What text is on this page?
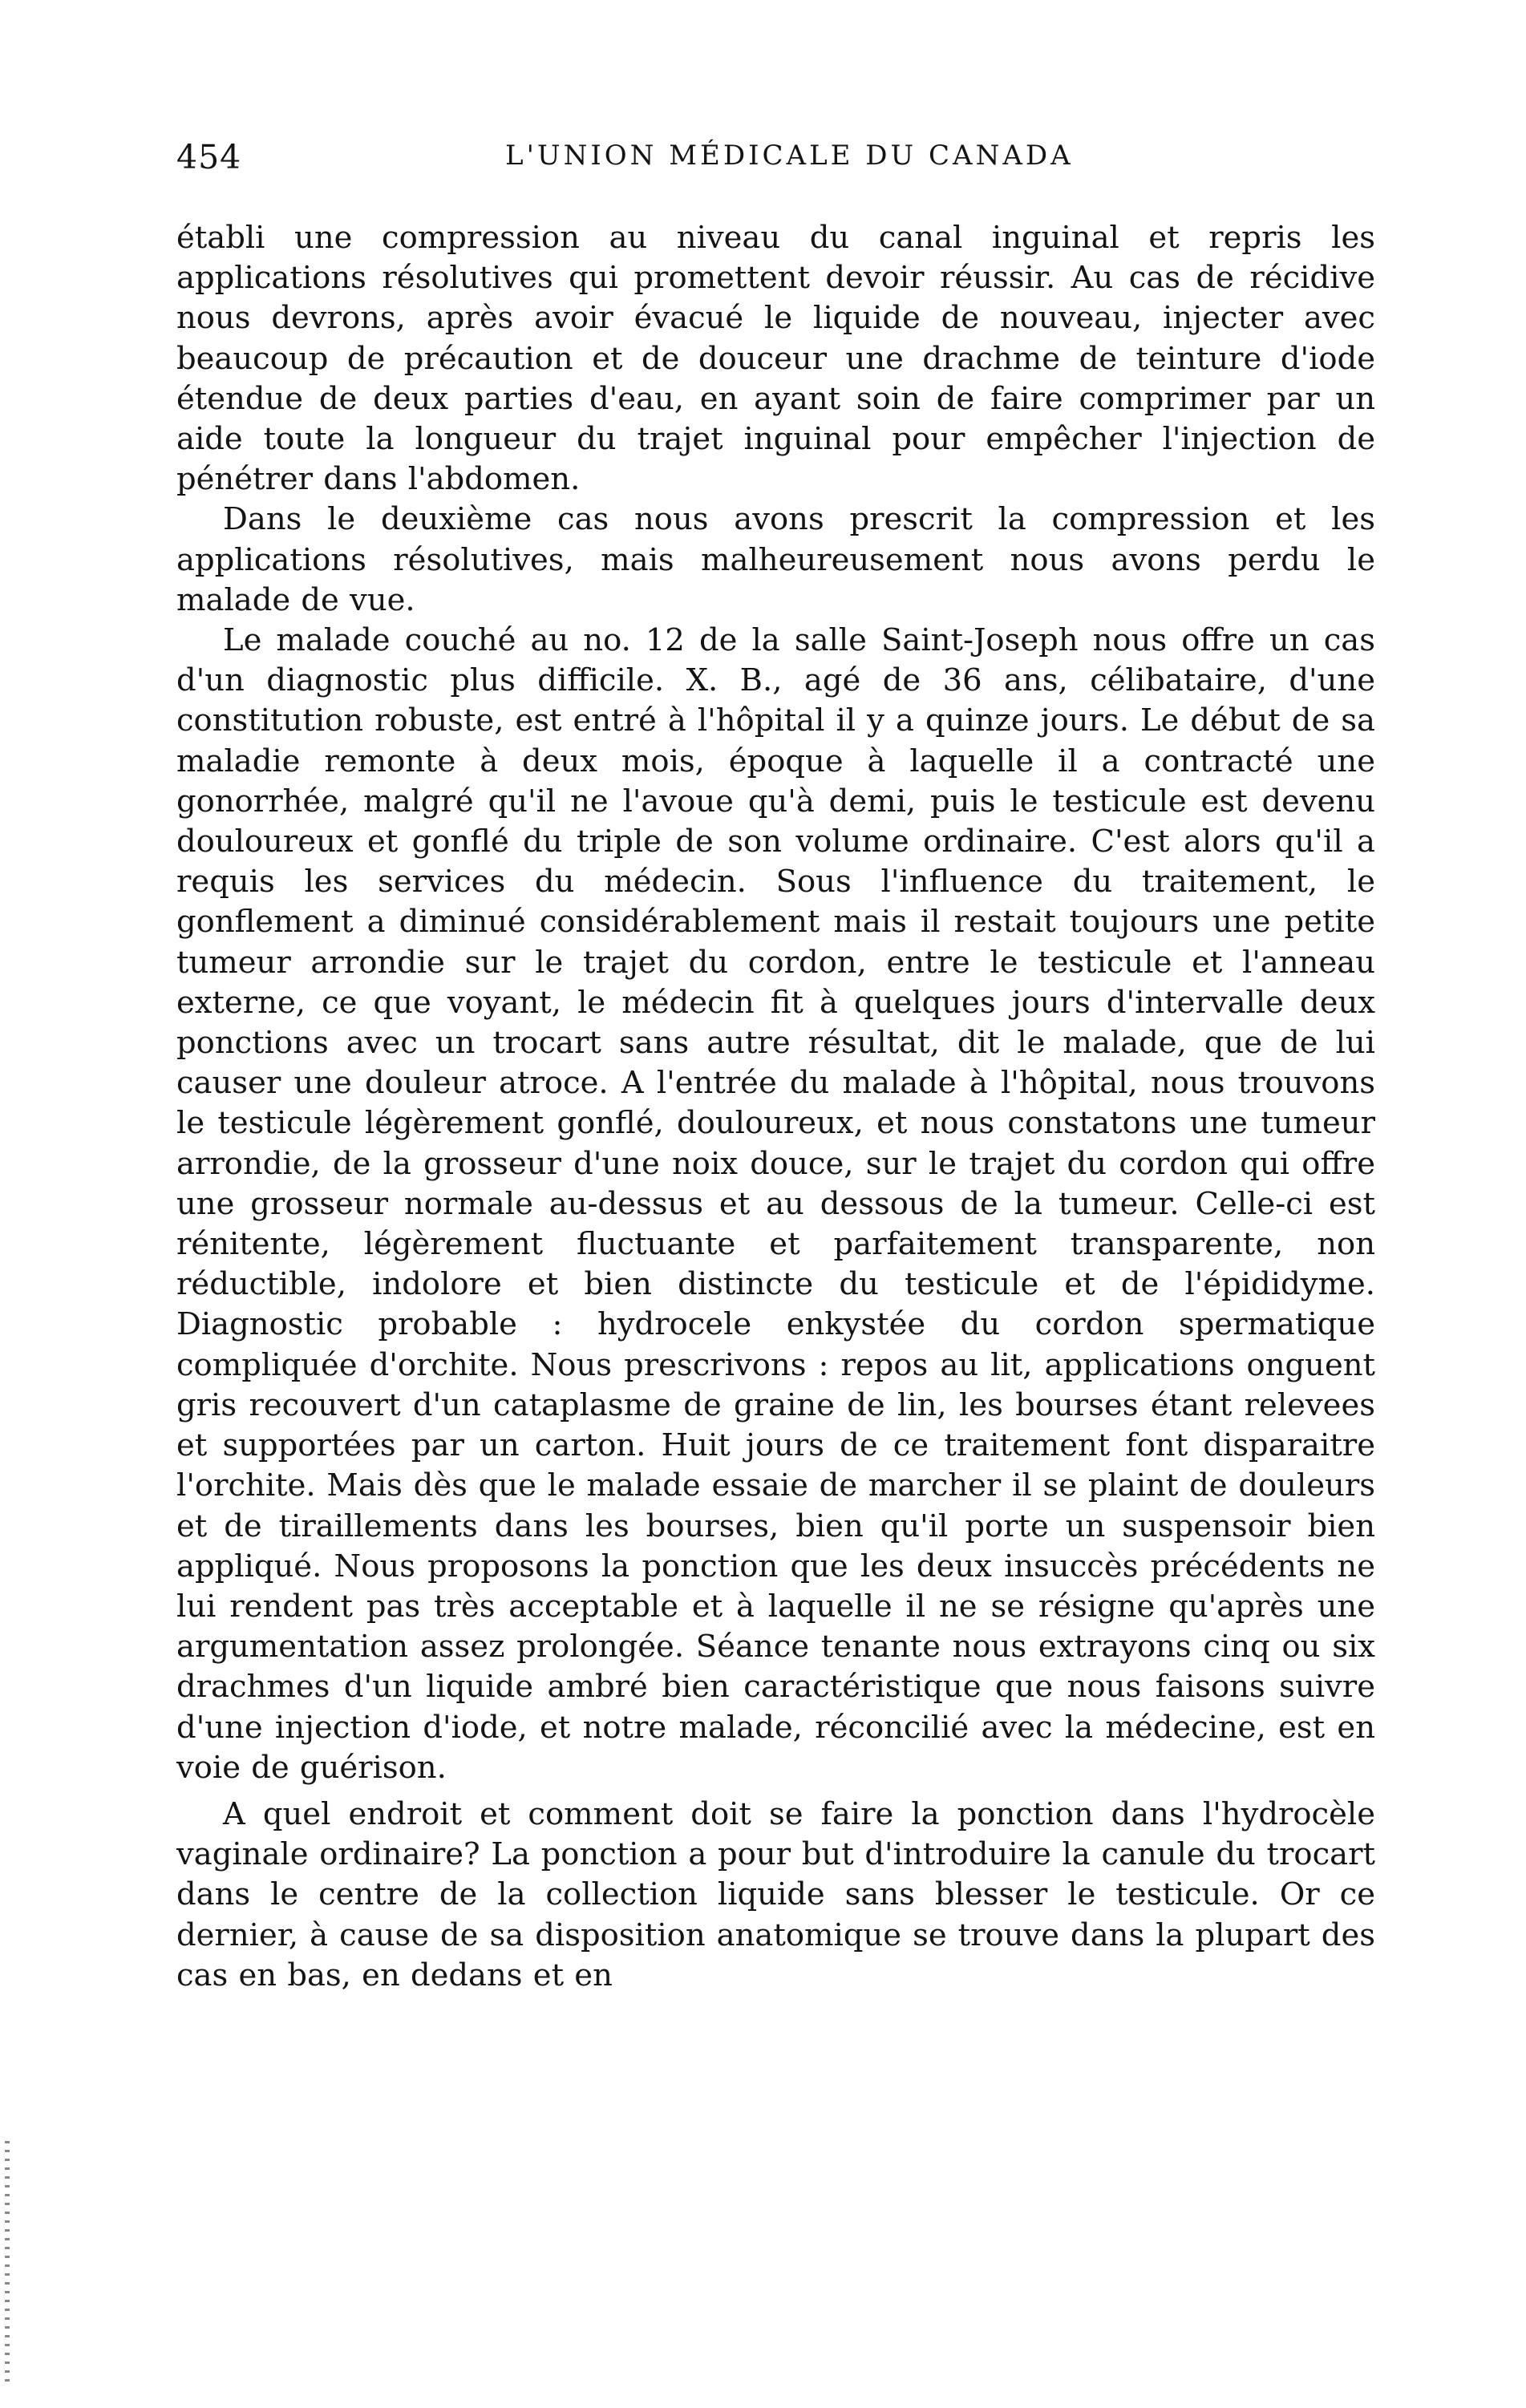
454	L'UNION MÉDICALE DU CANADA

établi une compression au niveau du canal inguinal et repris les applications résolutives qui promettent devoir réussir. Au cas de récidive nous devrons, après avoir évacué le liquide de nouveau, injecter avec beaucoup de précaution et de douceur une drachme de teinture d'iode étendue de deux parties d'eau, en ayant soin de faire comprimer par un aide toute la longueur du trajet inguinal pour empêcher l'injection de pénétrer dans l'abdomen.

Dans le deuxième cas nous avons prescrit la compression et les applications résolutives, mais malheureusement nous avons perdu le malade de vue.

Le malade couché au no. 12 de la salle Saint-Joseph nous offre un cas d'un diagnostic plus difficile. X. B., agé de 36 ans, célibataire, d'une constitution robuste, est entré à l'hôpital il y a quinze jours. Le début de sa maladie remonte à deux mois, époque à laquelle il a contracté une gonorrhée, malgré qu'il ne l'avoue qu'à demi, puis le testicule est devenu douloureux et gonflé du triple de son volume ordinaire. C'est alors qu'il a requis les services du médecin. Sous l'influence du traitement, le gonflement a diminué considérablement mais il restait toujours une petite tumeur arrondie sur le trajet du cordon, entre le testicule et l'anneau externe, ce que voyant, le médecin fit à quelques jours d'intervalle deux ponctions avec un trocart sans autre résultat, dit le malade, que de lui causer une douleur atroce. A l'entrée du malade à l'hôpital, nous trouvons le testicule légèrement gonflé, douloureux, et nous constatons une tumeur arrondie, de la grosseur d'une noix douce, sur le trajet du cordon qui offre une grosseur normale au-dessus et au dessous de la tumeur. Celle-ci est rénitente, légèrement fluctuante et parfaitement transparente, non réductible, indolore et bien distincte du testicule et de l'épididyme. Diagnostic probable : hydrocele enkystée du cordon spermatique compliquée d'orchite. Nous prescrivons : repos au lit, applications onguent gris recouvert d'un cataplasme de graine de lin, les bourses étant relevees et supportées par un carton. Huit jours de ce traitement font disparaitre l'orchite. Mais dès que le malade essaie de marcher il se plaint de douleurs et de tiraillements dans les bourses, bien qu'il porte un suspensoir bien appliqué. Nous proposons la ponction que les deux insuccès précédents ne lui rendent pas très acceptable et à laquelle il ne se résigne qu'après une argumentation assez prolongée. Séance tenante nous extrayons cinq ou six drachmes d'un liquide ambré bien caractéristique que nous faisons suivre d'une injection d'iode, et notre malade, réconcilié avec la médecine, est en voie de guérison.

A quel endroit et comment doit se faire la ponction dans l'hydrocèle vaginale ordinaire? La ponction a pour but d'introduire la canule du trocart dans le centre de la collection liquide sans blesser le testicule. Or ce dernier, à cause de sa disposition anatomique se trouve dans la plupart des cas en bas, en dedans et en
